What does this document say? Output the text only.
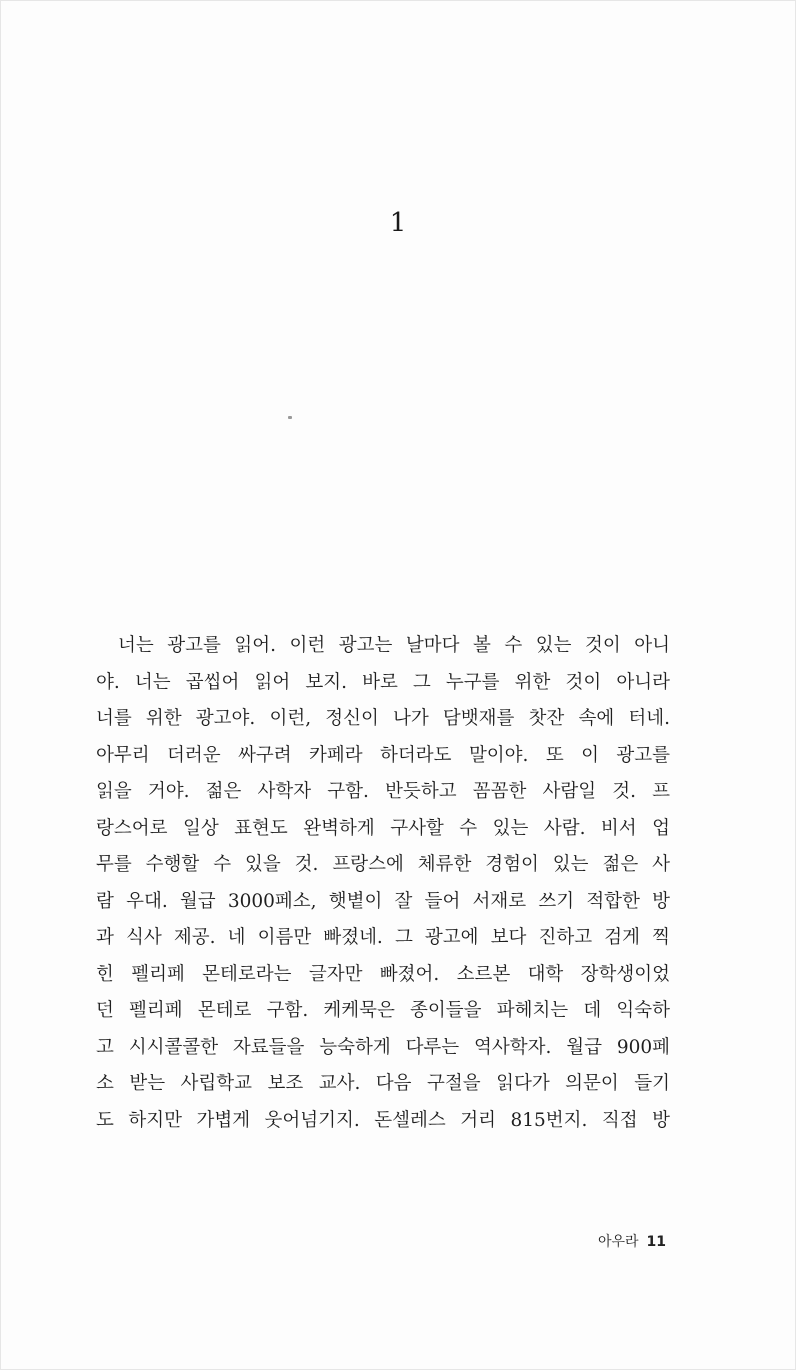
1
너는 광고를 읽어. 이런 광고는 날마다 볼 수 있는 것이 아니
야. 너는 곱씹어 읽어 보지. 바로 그 누구를 위한 것이 아니라
너를 위한 광고야. 이런, 정신이 나가 담뱃재를 찻잔 속에 터네.
아무리 더러운 싸구려 카페라 하더라도 말이야. 또 이 광고를
읽을 거야. 젊은 사학자 구함. 반듯하고 꼼꼼한 사람일 것. 프
랑스어로 일상 표현도 완벽하게 구사할 수 있는 사람. 비서 업
무를 수행할 수 있을 것. 프랑스에 체류한 경험이 있는 젊은 사
람 우대. 월급 3000페소, 햇볕이 잘 들어 서재로 쓰기 적합한 방
과 식사 제공. 네 이름만 빠졌네. 그 광고에 보다 진하고 검게 찍
힌 펠리페 몬테로라는 글자만 빠졌어. 소르본 대학 장학생이었
던 펠리페 몬테로 구함. 케케묵은 종이들을 파헤치는 데 익숙하
고 시시콜콜한 자료들을 능숙하게 다루는 역사학자. 월급 900페
소 받는 사립학교 보조 교사. 다음 구절을 읽다가 의문이 들기
도 하지만 가볍게 웃어넘기지. 돈셀레스 거리 815번지. 직접 방
아우라 11
